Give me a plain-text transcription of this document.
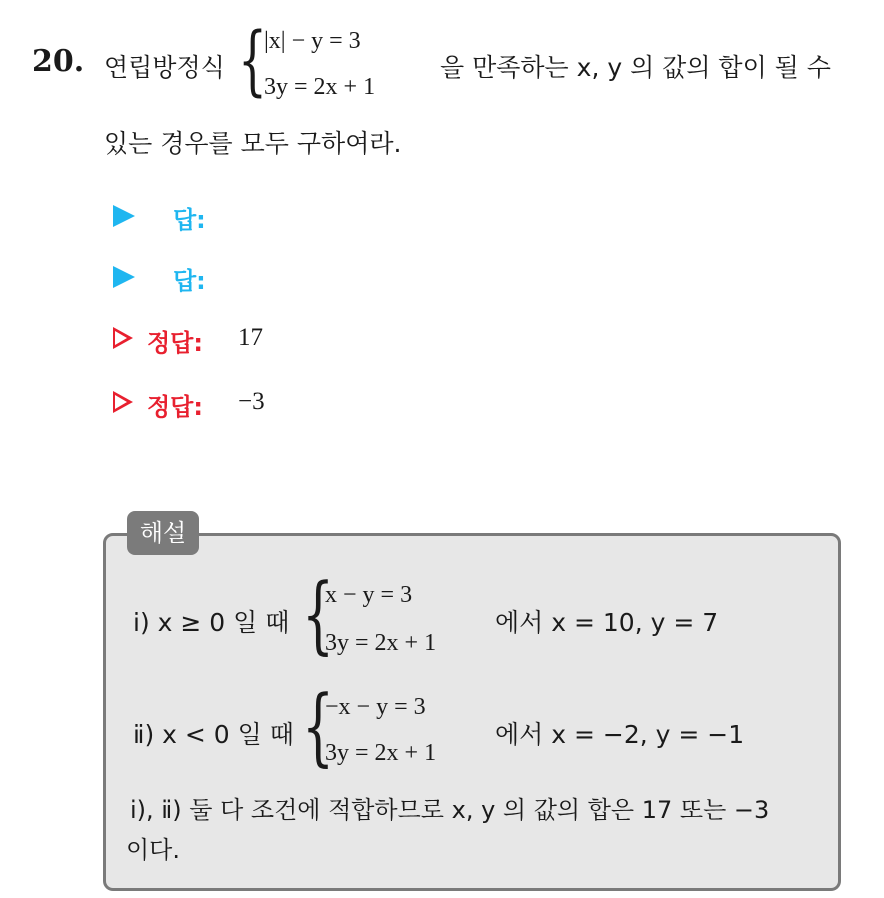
20. 연립방정식 {
|x| − y = 3
3y = 2x + 1
을 만족하는 x, y 의 값의 합이 될 수
있는 경우를 모두 구하여라.
답:
답:
정답: 17
정답: −3
해설
ⅰ) x ≥ 0 일 때 {
x − y = 3
3y = 2x + 1
에서 x = 10, y = 7
ⅱ) x < 0 일 때 {
−x − y = 3
3y = 2x + 1
에서 x = −2, y = −1
ⅰ), ⅱ) 둘 다 조건에 적합하므로 x, y 의 값의 합은 17 또는 −3
이다.
